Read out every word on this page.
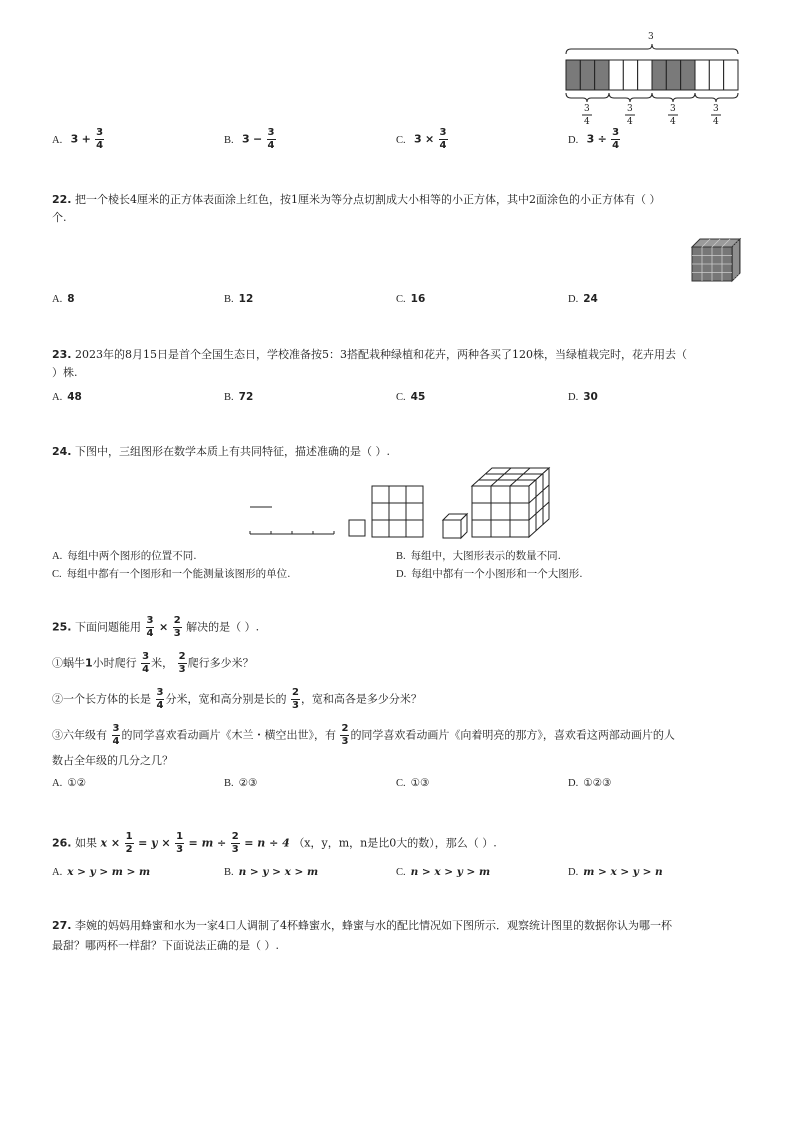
3
3
4
3
4
3
4
3
4
A. $3 + \frac{3}{4}$	B. $3 - \frac{3}{4}$	C. $3 \times \frac{3}{4}$	D. $3 \div \frac{3}{4}$
22. 把一个棱长4厘米的正方体表面涂上红色，按1厘米为等分点切割成大小相等的小正方体，其中2面涂色的小正方体有（ ）
个.
A. 8	B. 12	C. 16	D. 24
23. 2023年的8月15日是首个全国生态日，学校准备按5：3搭配栽种绿植和花卉，两种各买了120株，当绿植栽完时，花卉用去（
）株.
A. 48	B. 72	C. 45	D. 30
24. 下图中，三组图形在数学本质上有共同特征，描述准确的是（ ）.
A. 每组中两个图形的位置不同.	B. 每组中，大图形表示的数量不同.
C. 每组中都有一个图形和一个能测量该图形的单位.	D. 每组中都有一个小图形和一个大图形.
25. 下面问题能用 $\frac{3}{4} \times \frac{2}{3}$ 解决的是（ ）.
①蜗牛1小时爬行 $\frac{3}{4}$ 米， $\frac{2}{3}$ 爬行多少米？
②一个长方体的长是 $\frac{3}{4}$ 分米，宽和高分别是长的 $\frac{2}{3}$ ，宽和高各是多少分米？
③六年级有 $\frac{3}{4}$ 的同学喜欢看动画片《木兰・横空出世》，有 $\frac{2}{3}$ 的同学喜欢看动画片《向着明亮的那方》，喜欢看这两部动画片的人
数占全年级的几分之几？
A. ①②	B. ②③	C. ①③	D. ①②③
26. 如果 $x \times \frac{1}{2} = y \times \frac{1}{3} = m \div \frac{2}{3} = n \div 4$ （x，y，m，n是比0大的数），那么（ ）.
A. x > y > m > m	B. n > y > x > m	C. n > x > y > m	D. m > x > y > n
27. 李婉的妈妈用蜂蜜和水为一家4口人调制了4杯蜂蜜水，蜂蜜与水的配比情况如下图所示．观察统计图里的数据你认为哪一杯
最甜？哪两杯一样甜？下面说法正确的是（ ）.
